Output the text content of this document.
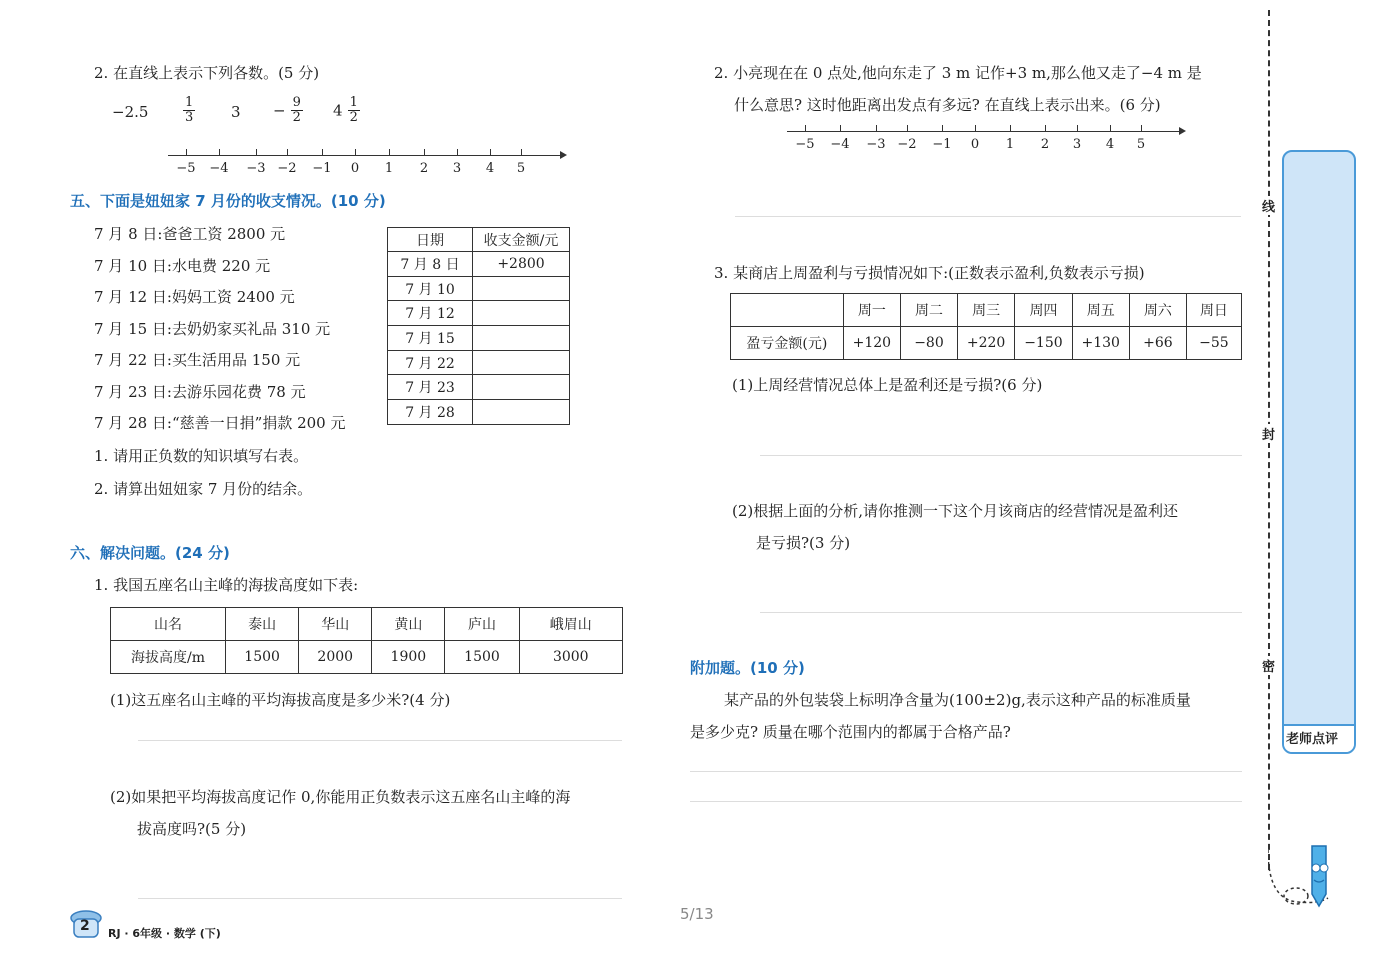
2. 在直线上表示下列各数。(5 分)
−2.5	$\frac{1}{3} 3 - \frac{9}{2} 4 \frac{1}{2}$
−5 −4 −3 −2 −1	0	1	2	3	4	5
五、下面是妞妞家 7 月份的收支情况。(10 分)
7 月 8 日:爸爸工资 2800 元
7 月 10 日:水电费 220 元
7 月 12 日:妈妈工资 2400 元
7 月 15 日:去奶奶家买礼品 310 元
7 月 22 日:买生活用品 150 元
7 月 23 日:去游乐园花费 78 元
7 月 28 日:“慈善一日捐”捐款 200 元
1. 请用正负数的知识填写右表。
2. 请算出妞妞家 7 月份的结余。
日期	收支金额/元
7 月 8 日	+2800
7 月 10	
7 月 12	
7 月 15	
7 月 22	
7 月 23	
7 月 28	
六、解决问题。(24 分)
1. 我国五座名山主峰的海拔高度如下表:
山名	泰山	华山	黄山	庐山	峨眉山
海拔高度/m	1500	2000	1900	1500	3000
(1)这五座名山主峰的平均海拔高度是多少米?(4 分)
(2)如果把平均海拔高度记作 0,你能用正负数表示这五座名山主峰的海
拔高度吗?(5 分)
2 RJ · 6年级 · 数学 (下)
2. 小亮现在在 0 点处,他向东走了 3 m 记作+3 m,那么他又走了−4 m 是
什么意思? 这时他距离出发点有多远? 在直线上表示出来。(6 分)
−5 −4 −3 −2 −1	0	1	2	3	4	5
3. 某商店上周盈利与亏损情况如下:(正数表示盈利,负数表示亏损)
	周一	周二	周三	周四	周五	周六	周日
盈亏金额(元)	+120	−80	+220	−150	+130	+66	−55
(1)上周经营情况总体上是盈利还是亏损?(6 分)
(2)根据上面的分析,请你推测一下这个月该商店的经营情况是盈利还
是亏损?(3 分)
附加题。(10 分)
某产品的外包装袋上标明净含量为(100±2)g,表示这种产品的标准质量
是多少克? 质量在哪个范围内的都属于合格产品?
线
封
密
老师点评
5/13
